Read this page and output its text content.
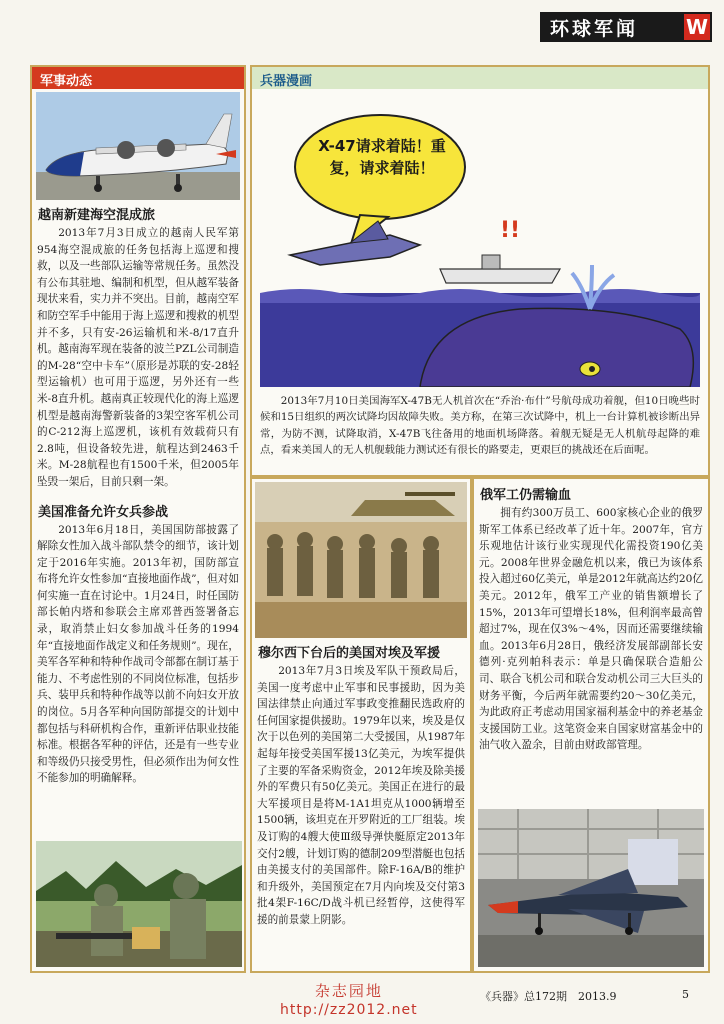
环球军闻 W
军事动态
越南新建海空混成旅
2013年7月3日成立的越南人民军第954海空混成旅的任务包括海上巡逻和搜救，以及一些部队运输等常规任务。虽然没有公布其驻地、编制和机型，但从越军装备现状来看，实力并不突出。目前，越南空军和防空军手中能用于海上巡逻和搜救的机型并不多，只有安-26运输机和米-8/17直升机。越南海军现在装备的波兰PZL公司制造的M-28“空中卡车”（原形是苏联的安-28轻型运输机）也可用于巡逻，另外还有一些米-8直升机。越南真正较现代化的海上巡逻机型是越南海警新装备的3架空客军机公司的C-212海上巡逻机，该机有效载荷只有2.8吨，但设备较先进，航程达到2463千米。M-28航程也有1500千米，但2005年坠毁一架后，目前只剩一架。
美国准备允许女兵参战
2013年6月18日，美国国防部披露了解除女性加入战斗部队禁令的细节，该计划定于2016年实施。2013年初，国防部宣布将允许女性参加“直接地面作战”，但对如何实施一直在讨论中。1月24日，时任国防部长帕内塔和参联会主席邓普西签署备忘录，取消禁止妇女参加战斗任务的1994年“直接地面作战定义和任务规则”。现在，美军各军种和特种作战司令部都在制订基于能力、不考虑性别的不同岗位标准，包括步兵、装甲兵和特种作战等以前不向妇女开放的岗位。5月各军种向国防部提交的计划中都包括与科研机构合作，重新评估职业技能标准。根据各军种的评估，还是有一些专业和等级仍只接受男性，但必须作出为何女性不能参加的明确解释。
兵器漫画
!!
X-47请求着陆！重复，请求着陆！
2013年7月10日美国海军X-47B无人机首次在“乔治·布什”号航母成功着舰，但10日晚些时候和15日组织的两次试降均因故障失败。美方称，在第三次试降中，机上一台计算机被诊断出异常，为防不测，试降取消，X-47B飞往备用的地面机场降落。着舰无疑是无人机航母起降的难点，看来美国人的无人机舰载能力测试还有很长的路要走，更艰巨的挑战还在后面呢。
穆尔西下台后的美国对埃及军援
2013年7月3日埃及军队干预政局后，美国一度考虑中止军事和民事援助，因为美国法律禁止向通过军事政变推翻民选政府的任何国家提供援助。1979年以来，埃及是仅次于以色列的美国第二大受援国，从1987年起每年接受美国军援13亿美元，为埃军提供了主要的军备采购资金，2012年埃及除美援外的军费只有50亿美元。美国正在进行的最大军援项目是将M-1A1坦克从1000辆增至1500辆，该坦克在开罗附近的工厂组装。埃及订购的4艘大使Ⅲ级导弹快艇原定2013年交付2艘，计划订购的德制209型潜艇也包括由美援支付的美国部件。除F-16A/B的维护和升级外，美国预定在7月内向埃及交付第3批4架F-16C/D战斗机已经暂停，这使得军援的前景蒙上阴影。
俄军工仍需输血
拥有约300万员工、600家核心企业的俄罗斯军工体系已经改革了近十年。2007年，官方乐观地估计该行业实现现代化需投资190亿美元。2008年世界金融危机以来，俄已为该体系投入超过60亿美元，单是2012年就高达约20亿美元。2012年，俄军工产业的销售额增长了15%，2013年可望增长18%，但利润率最高曾超过7%，现在仅3%～4%，因而还需要继续输血。2013年6月28日，俄经济发展部副部长安德列·克列帕科表示：单是只确保联合造船公司、联合飞机公司和联合发动机公司三大巨头的财务平衡，今后两年就需要约20～30亿美元，为此政府正考虑动用国家福利基金中的养老基金支援国防工业。这笔资金来自国家财富基金中的油气收入盈余，目前由财政部管理。
杂志园地
http://zz2012.net
《兵器》总172期　2013.9	5
